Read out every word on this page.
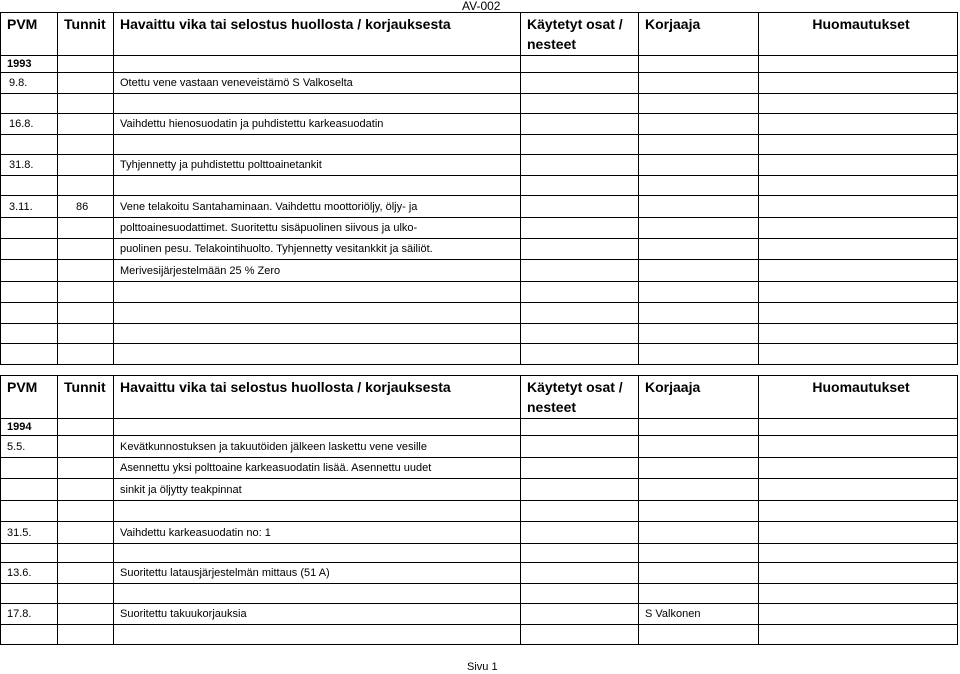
AV-002
PVM	Tunnit	Havaittu vika tai selostus huollosta / korjauksesta	Käytetyt osat / nesteet	Korjaaja	Huomautukset
1993					
9.8.		Otettu vene vastaan veneveistämö S Valkoselta			

16.8.		Vaihdettu hienosuodatin ja puhdistettu karkeasuodatin			

31.8.		Tyhjennetty ja puhdistettu polttoainetankit			

3.11.	86	Vene telakoitu Santahaminaan. Vaihdettu moottoriöljy, öljy- ja			
		polttoainesuodattimet. Suoritettu sisäpuolinen siivous ja ulko-			
		puolinen pesu. Telakointihuolto. Tyhjennetty vesitankkit ja säiliöt.			
		Merivesijärjestelmään 25 % Zero			

PVM	Tunnit	Havaittu vika tai selostus huollosta / korjauksesta	Käytetyt osat / nesteet	Korjaaja	Huomautukset
1994					
5.5.		Kevätkunnostuksen ja takuutöiden jälkeen laskettu vene vesille			
		Asennettu yksi polttoaine karkeasuodatin lisää. Asennettu uudet			
		sinkit ja öljytty teakpinnat			

31.5.		Vaihdettu karkeasuodatin no: 1			

13.6.		Suoritettu latausjärjestelmän mittaus (51 A)			

17.8.		Suoritettu takuukorjauksia		S Valkonen	

Sivu 1
